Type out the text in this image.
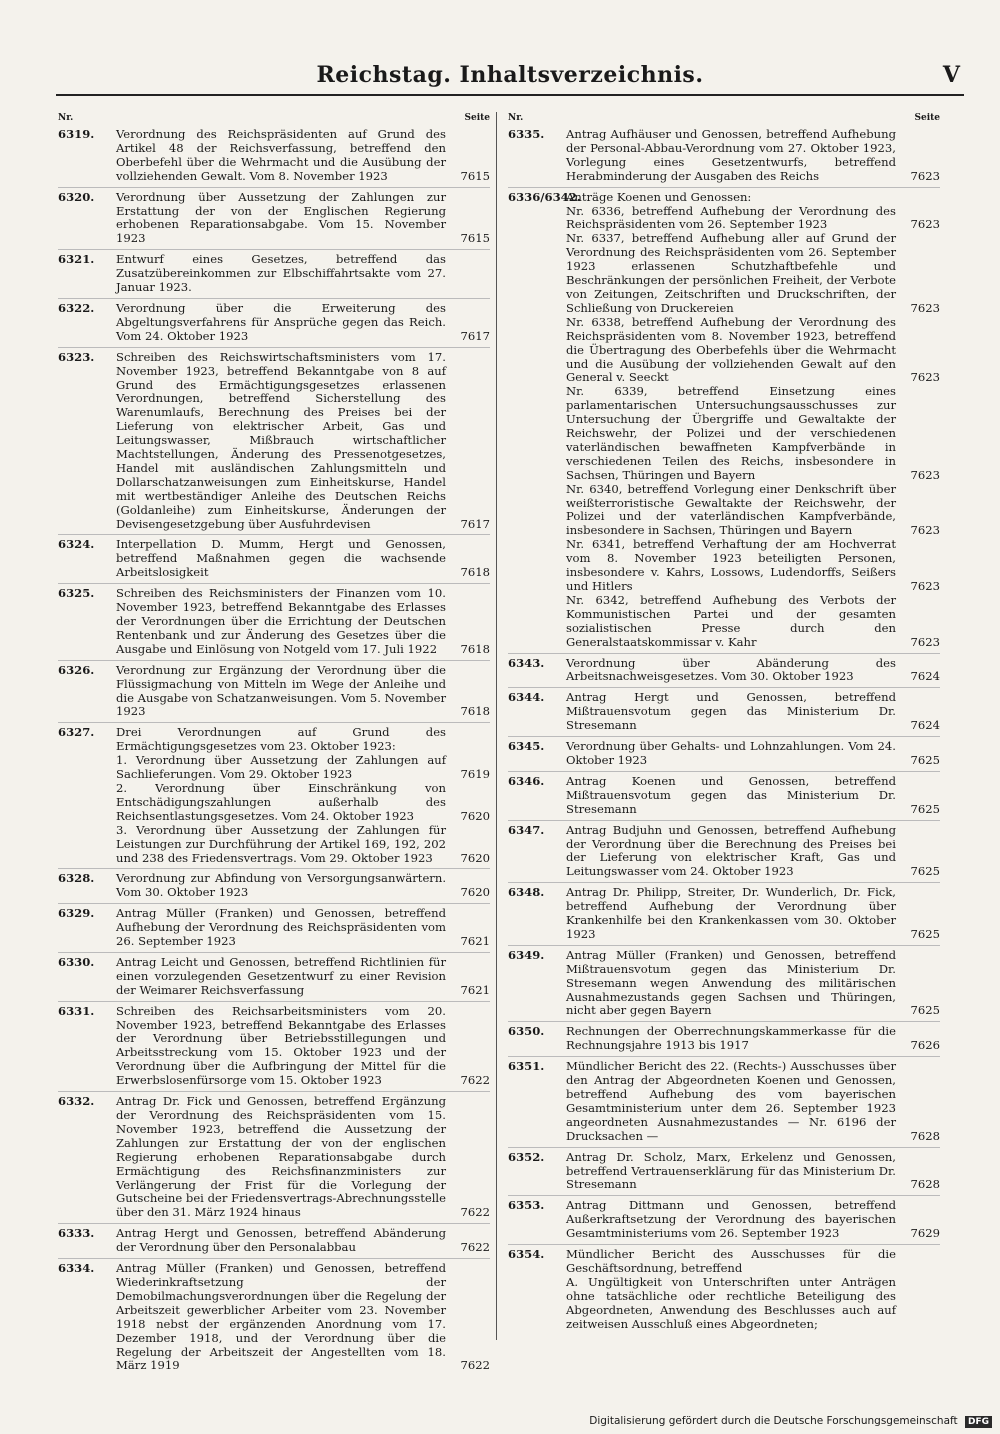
Reichstag. Inhaltsverzeichnis.	V
Nr.	Seite
6319. Verordnung des Reichspräsidenten auf Grund des Artikel 48 der Reichsverfassung, betreffend den Oberbefehl über die Wehrmacht und die Ausübung der vollziehenden Gewalt. Vom 8. November 1923	7615
6320. Verordnung über Aussetzung der Zahlungen zur Erstattung der von der Englischen Regierung erhobenen Reparationsabgabe. Vom 15. November 1923	7615
6321. Entwurf eines Gesetzes, betreffend das Zusatzübereinkommen zur Elbschiffahrtsakte vom 27. Januar 1923.
6322. Verordnung über die Erweiterung des Abgeltungsverfahrens für Ansprüche gegen das Reich. Vom 24. Oktober 1923	7617
6323. Schreiben des Reichswirtschaftsministers vom 17. November 1923, betreffend Bekanntgabe von 8 auf Grund des Ermächtigungsgesetzes erlassenen Verordnungen, betreffend Sicherstellung des Warenumlaufs, Berechnung des Preises bei der Lieferung von elektrischer Arbeit, Gas und Leitungswasser, Mißbrauch wirtschaftlicher Machtstellungen, Änderung des Pressenotgesetzes, Handel mit ausländischen Zahlungsmitteln und Dollarschatzanweisungen zum Einheitskurse, Handel mit wertbeständiger Anleihe des Deutschen Reichs (Goldanleihe) zum Einheitskurse, Änderungen der Devisengesetzgebung über Ausfuhrdevisen	7617
6324. Interpellation D. Mumm, Hergt und Genossen, betreffend Maßnahmen gegen die wachsende Arbeitslosigkeit	7618
6325. Schreiben des Reichsministers der Finanzen vom 10. November 1923, betreffend Bekanntgabe des Erlasses der Verordnungen über die Errichtung der Deutschen Rentenbank und zur Änderung des Gesetzes über die Ausgabe und Einlösung von Notgeld vom 17. Juli 1922	7618
6326. Verordnung zur Ergänzung der Verordnung über die Flüssigmachung von Mitteln im Wege der Anleihe und die Ausgabe von Schatzanweisungen. Vom 5. November 1923	7618
6327. Drei Verordnungen auf Grund des Ermächtigungsgesetzes vom 23. Oktober 1923:
1. Verordnung über Aussetzung der Zahlungen auf Sachlieferungen. Vom 29. Oktober 1923	7619
2. Verordnung über Einschränkung von Entschädigungszahlungen außerhalb des Reichsentlastungsgesetzes. Vom 24. Oktober 1923	7620
3. Verordnung über Aussetzung der Zahlungen für Leistungen zur Durchführung der Artikel 169, 192, 202 und 238 des Friedensvertrags. Vom 29. Oktober 1923	7620
6328. Verordnung zur Abfindung von Versorgungsanwärtern. Vom 30. Oktober 1923	7620
6329. Antrag Müller (Franken) und Genossen, betreffend Aufhebung der Verordnung des Reichspräsidenten vom 26. September 1923	7621
6330. Antrag Leicht und Genossen, betreffend Richtlinien für einen vorzulegenden Gesetzentwurf zu einer Revision der Weimarer Reichsverfassung	7621
6331. Schreiben des Reichsarbeitsministers vom 20. November 1923, betreffend Bekanntgabe des Erlasses der Verordnung über Betriebsstillegungen und Arbeitsstreckung vom 15. Oktober 1923 und der Verordnung über die Aufbringung der Mittel für die Erwerbslosenfürsorge vom 15. Oktober 1923	7622
6332. Antrag Dr. Fick und Genossen, betreffend Ergänzung der Verordnung des Reichspräsidenten vom 15. November 1923, betreffend die Aussetzung der Zahlungen zur Erstattung der von der englischen Regierung erhobenen Reparationsabgabe durch Ermächtigung des Reichsfinanzministers zur Verlängerung der Frist für die Vorlegung der Gutscheine bei der Friedensvertrags-Abrechnungsstelle über den 31. März 1924 hinaus	7622
6333. Antrag Hergt und Genossen, betreffend Abänderung der Verordnung über den Personalabbau	7622
6334. Antrag Müller (Franken) und Genossen, betreffend Wiederinkraftsetzung der Demobilmachungsverordnungen über die Regelung der Arbeitszeit gewerblicher Arbeiter vom 23. November 1918 nebst der ergänzenden Anordnung vom 17. Dezember 1918, und der Verordnung über die Regelung der Arbeitszeit der Angestellten vom 18. März 1919	7622
Nr.	Seite
6335. Antrag Aufhäuser und Genossen, betreffend Aufhebung der Personal-Abbau-Verordnung vom 27. Oktober 1923, Vorlegung eines Gesetzentwurfs, betreffend Herabminderung der Ausgaben des Reichs	7623
6336/6342.
Anträge Koenen und Genossen:
Nr. 6336, betreffend Aufhebung der Verordnung des Reichspräsidenten vom 26. September 1923	7623
Nr. 6337, betreffend Aufhebung aller auf Grund der Verordnung des Reichspräsidenten vom 26. September 1923 erlassenen Schutzhaftbefehle und Beschränkungen der persönlichen Freiheit, der Verbote von Zeitungen, Zeitschriften und Druckschriften, der Schließung von Druckereien	7623
Nr. 6338, betreffend Aufhebung der Verordnung des Reichspräsidenten vom 8. November 1923, betreffend die Übertragung des Oberbefehls über die Wehrmacht und die Ausübung der vollziehenden Gewalt auf den General v. Seeckt	7623
Nr. 6339, betreffend Einsetzung eines parlamentarischen Untersuchungsausschusses zur Untersuchung der Übergriffe und Gewaltakte der Reichswehr, der Polizei und der verschiedenen vaterländischen bewaffneten Kampfverbände in verschiedenen Teilen des Reichs, insbesondere in Sachsen, Thüringen und Bayern	7623
Nr. 6340, betreffend Vorlegung einer Denkschrift über weißterroristische Gewaltakte der Reichswehr, der Polizei und der vaterländischen Kampfverbände, insbesondere in Sachsen, Thüringen und Bayern	7623
Nr. 6341, betreffend Verhaftung der am Hochverrat vom 8. November 1923 beteiligten Personen, insbesondere v. Kahrs, Lossows, Ludendorffs, Seißers und Hitlers	7623
Nr. 6342, betreffend Aufhebung des Verbots der Kommunistischen Partei und der gesamten sozialistischen Presse durch den Generalstaatskommissar v. Kahr	7623
6343. Verordnung über Abänderung des Arbeitsnachweisgesetzes. Vom 30. Oktober 1923	7624
6344. Antrag Hergt und Genossen, betreffend Mißtrauensvotum gegen das Ministerium Dr. Stresemann	7624
6345. Verordnung über Gehalts- und Lohnzahlungen. Vom 24. Oktober 1923	7625
6346. Antrag Koenen und Genossen, betreffend Mißtrauensvotum gegen das Ministerium Dr. Stresemann	7625
6347. Antrag Budjuhn und Genossen, betreffend Aufhebung der Verordnung über die Berechnung des Preises bei der Lieferung von elektrischer Kraft, Gas und Leitungswasser vom 24. Oktober 1923	7625
6348. Antrag Dr. Philipp, Streiter, Dr. Wunderlich, Dr. Fick, betreffend Aufhebung der Verordnung über Krankenhilfe bei den Krankenkassen vom 30. Oktober 1923	7625
6349. Antrag Müller (Franken) und Genossen, betreffend Mißtrauensvotum gegen das Ministerium Dr. Stresemann wegen Anwendung des militärischen Ausnahmezustands gegen Sachsen und Thüringen, nicht aber gegen Bayern	7625
6350. Rechnungen der Oberrechnungskammerkasse für die Rechnungsjahre 1913 bis 1917	7626
6351. Mündlicher Bericht des 22. (Rechts-) Ausschusses über den Antrag der Abgeordneten Koenen und Genossen, betreffend Aufhebung des vom bayerischen Gesamtministerium unter dem 26. September 1923 angeordneten Ausnahmezustandes — Nr. 6196 der Drucksachen —	7628
6352. Antrag Dr. Scholz, Marx, Erkelenz und Genossen, betreffend Vertrauenserklärung für das Ministerium Dr. Stresemann	7628
6353. Antrag Dittmann und Genossen, betreffend Außerkraftsetzung der Verordnung des bayerischen Gesamtministeriums vom 26. September 1923	7629
6354. Mündlicher Bericht des Ausschusses für die Geschäftsordnung, betreffend
A. Ungültigkeit von Unterschriften unter Anträgen ohne tatsächliche oder rechtliche Beteiligung des Abgeordneten, Anwendung des Beschlusses auch auf zeitweisen Ausschluß eines Abgeordneten;
Digitalisierung gefördert durch die Deutsche Forschungsgemeinschaft DFG
